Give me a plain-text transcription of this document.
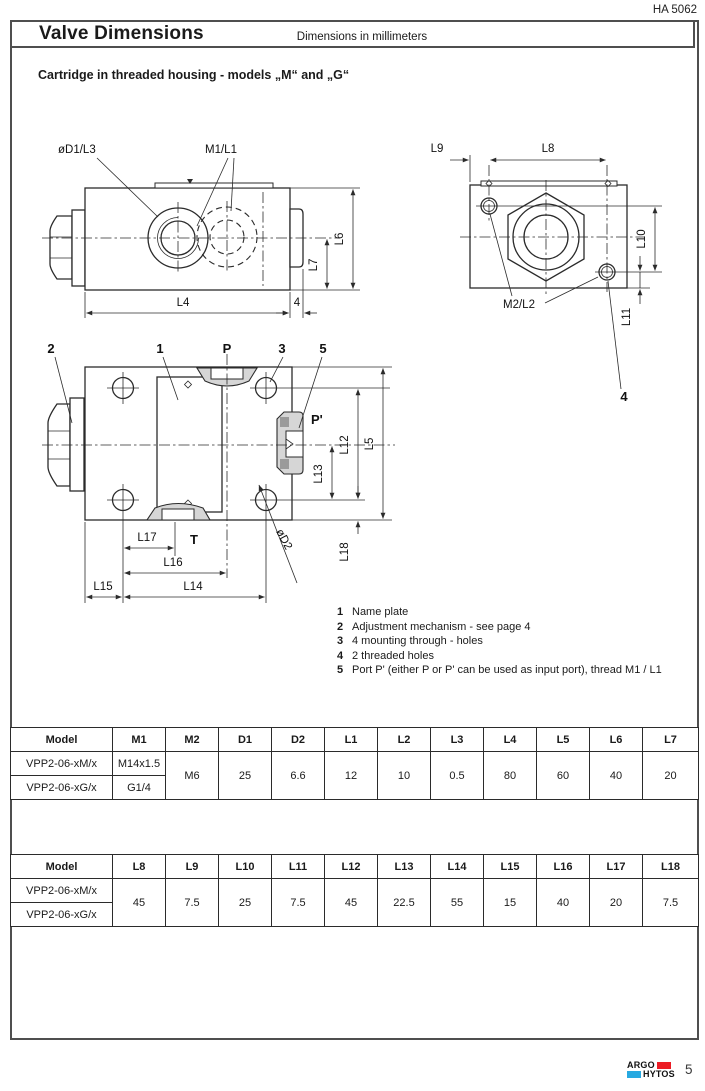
HA 5062
Valve Dimensions	Dimensions in millimeters
Cartridge in threaded housing - models „M“ and „G“
øD1/L3	M1/L1
L6
L7
L4	4
L8
L9
L10
L11
M2/L2
4
L13
L12 L5
L18
L17	T
L16
L15	L14
øD2
2	1	P	3	5
P'
1 Name plate
2 Adjustment mechanism - see page 4
3 4 mounting through - holes
4 2 threaded holes
5 Port P' (either P or P' can be used as input port), thread M1 / L1
Model	M1	M2	D1	D2	L1	L2	L3	L4	L5	L6	L7
VPP2-06-xM/x	M14x1.5	M6	25	6.6	12	10	0.5	80	60	40	20
VPP2-06-xG/x	G1/4										
Model	L8	L9	L10	L11	L12	L13	L14	L15	L16	L17	L18
VPP2-06-xM/x	45	7.5	25	7.5	45	22.5	55	15	40	20	7.5
VPP2-06-xG/x											
ARGO
HYTOS 5
